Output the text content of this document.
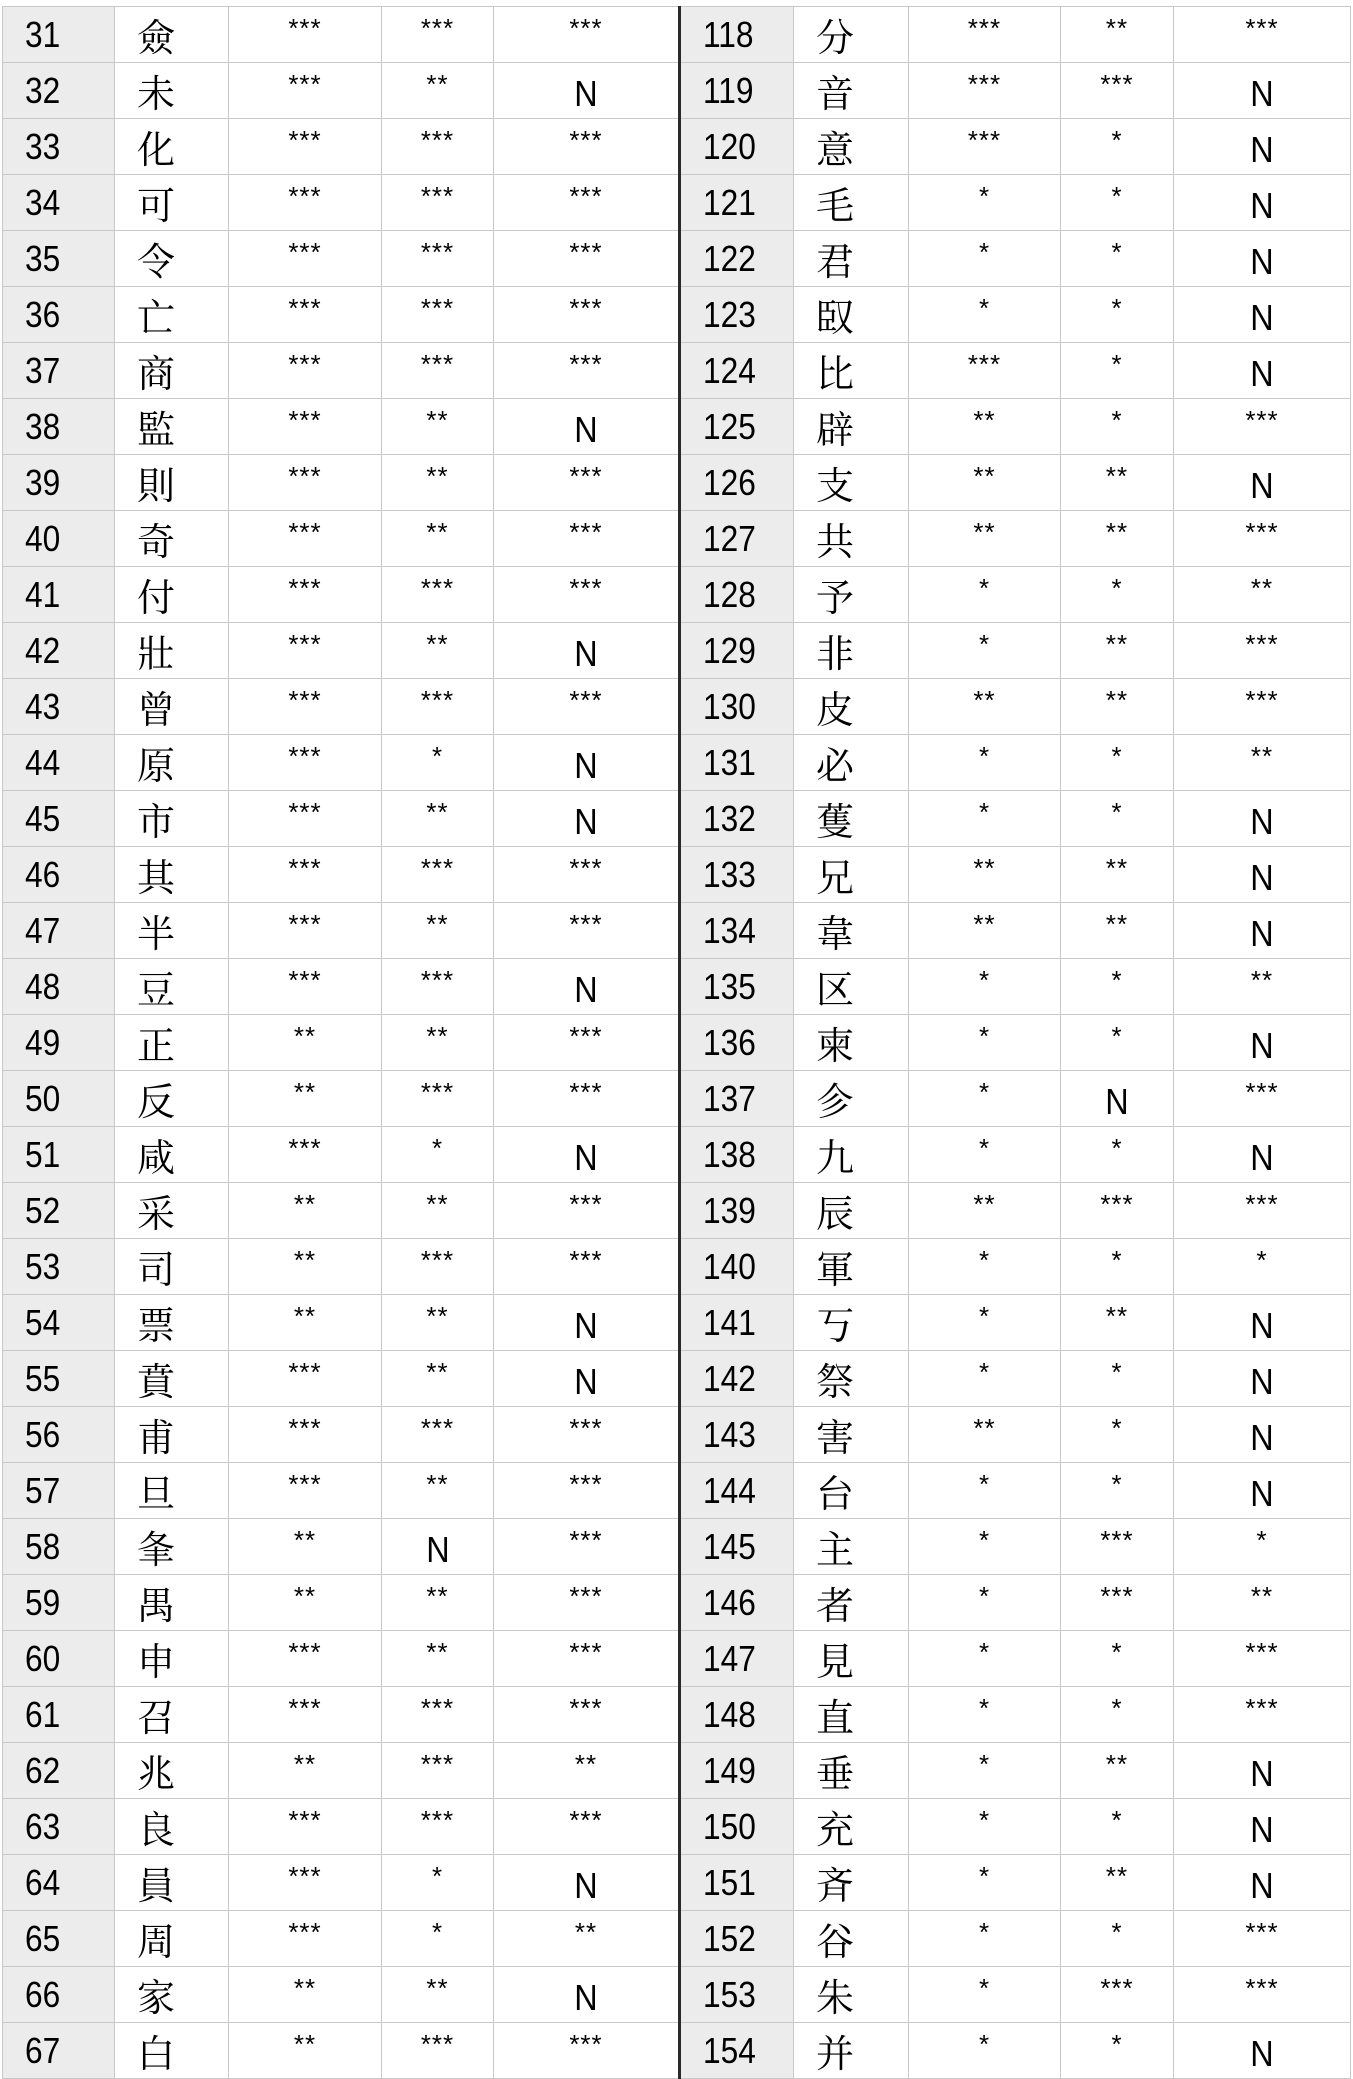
31	僉	***	***	***	118	分	***	**	***
32	未	***	**	N	119	音	***	***	N
33	化	***	***	***	120	意	***	*	N
34	可	***	***	***	121	毛	*	*	N
35	令	***	***	***	122	君	*	*	N
36	亡	***	***	***	123	臤	*	*	N
37	商	***	***	***	124	比	***	*	N
38	監	***	**	N	125	辟	**	*	***
39	則	***	**	***	126	支	**	**	N
40	奇	***	**	***	127	共	**	**	***
41	付	***	***	***	128	予	*	*	**
42	壯	***	**	N	129	非	*	**	***
43	曾	***	***	***	130	皮	**	**	***
44	原	***	*	N	131	必	*	*	**
45	市	***	**	N	132	蒦	*	*	N
46	其	***	***	***	133	兄	**	**	N
47	半	***	**	***	134	韋	**	**	N
48	豆	***	***	N	135	区	*	*	**
49	正	**	**	***	136	柬	*	*	N
50	反	**	***	***	137	㐱	*	N	***
51	咸	***	*	N	138	九	*	*	N
52	采	**	**	***	139	辰	**	***	***
53	司	**	***	***	140	軍	*	*	*
54	票	**	**	N	141	丂	*	**	N
55	賁	***	**	N	142	祭	*	*	N
56	甫	***	***	***	143	害	**	*	N
57	旦	***	**	***	144	台	*	*	N
58	夆	**	N	***	145	主	*	***	*
59	禺	**	**	***	146	者	*	***	**
60	申	***	**	***	147	見	*	*	***
61	召	***	***	***	148	直	*	*	***
62	兆	**	***	**	149	垂	*	**	N
63	良	***	***	***	150	充	*	*	N
64	員	***	*	N	151	斉	*	**	N
65	周	***	*	**	152	谷	*	*	***
66	家	**	**	N	153	朱	*	***	***
67	白	**	***	***	154	并	*	*	N
